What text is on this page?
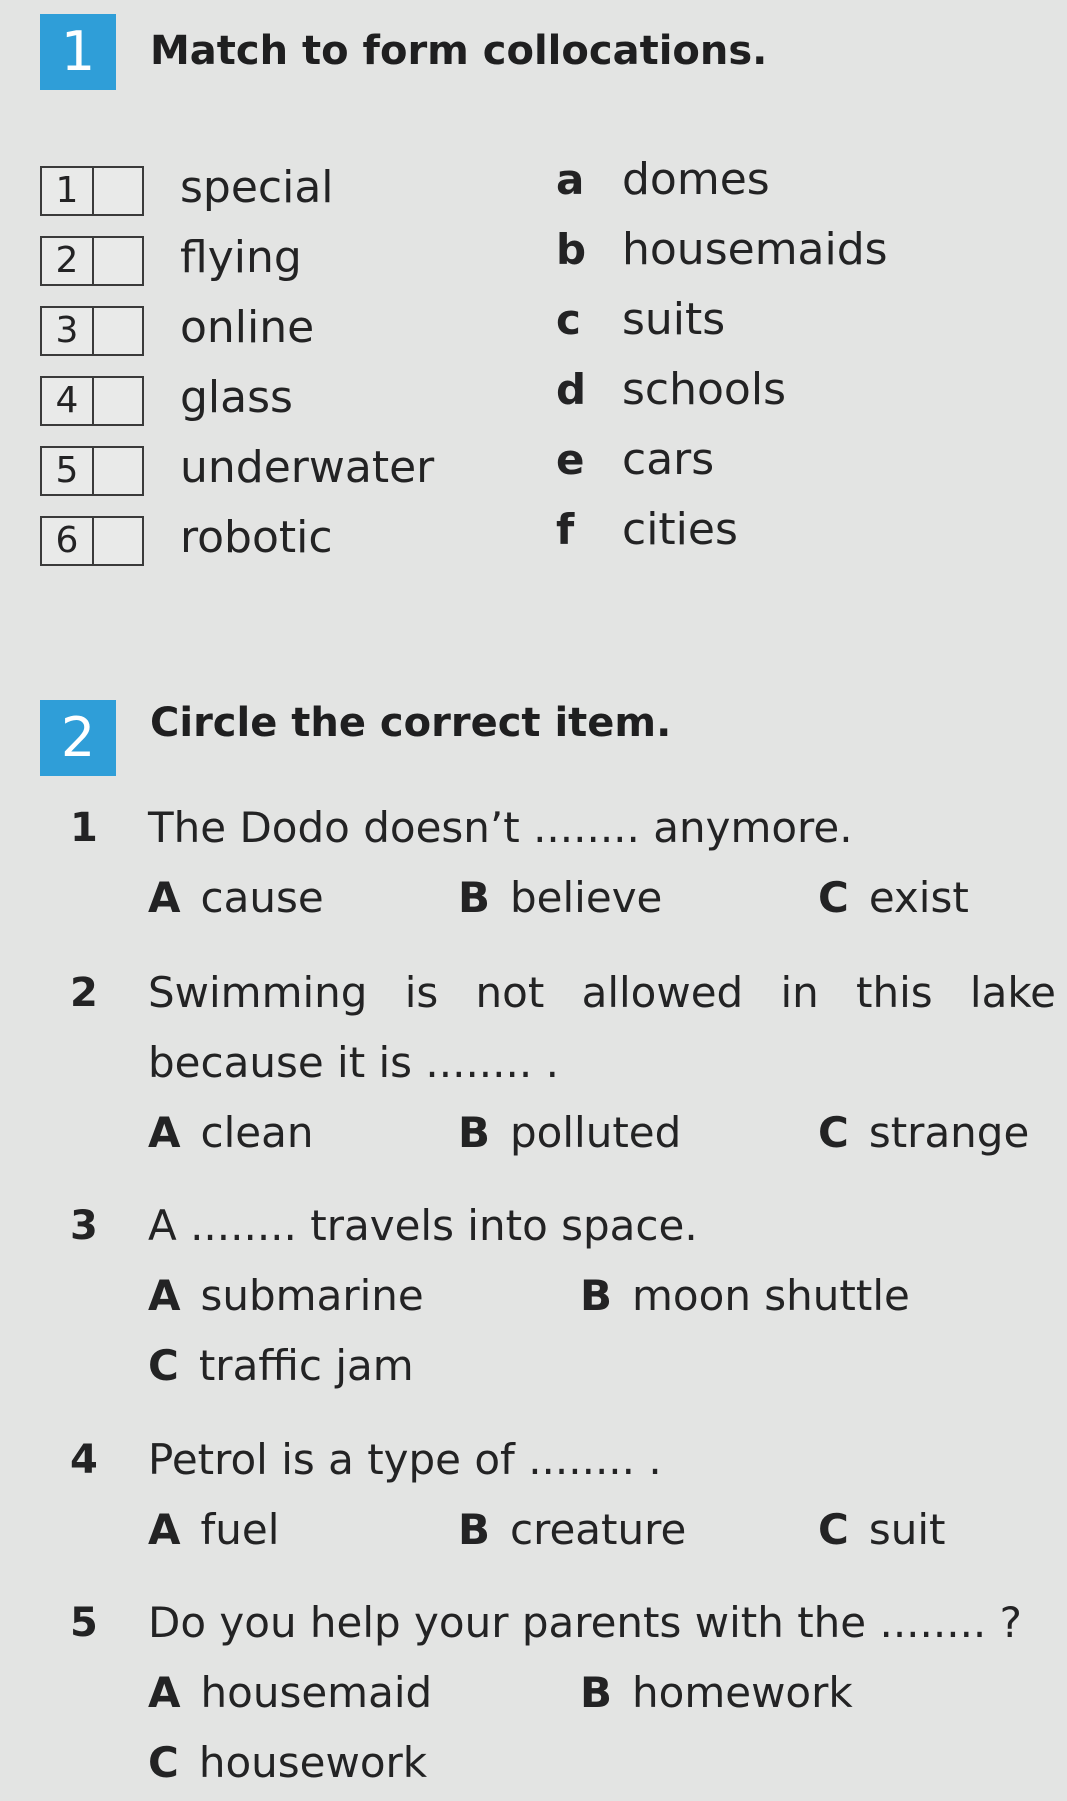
1	Match to form collocations.
1	special
2	flying
3	online
4	glass
5	underwater
6	robotic
a domes
b housemaids
c suits
d schools
e cars
f cities
2	Circle the correct item.
1 The Dodo doesn’t ........ anymore.
A cause	B believe	C exist
2 Swimming is not allowed in this lake
because it is ........ .
A clean	B polluted	C strange
3 A ........ travels into space.
A submarine	B moon shuttle
C traffic jam
4 Petrol is a type of ........ .
A fuel	B creature	C suit
5 Do you help your parents with the ........ ?
A housemaid	B homework
C housework
